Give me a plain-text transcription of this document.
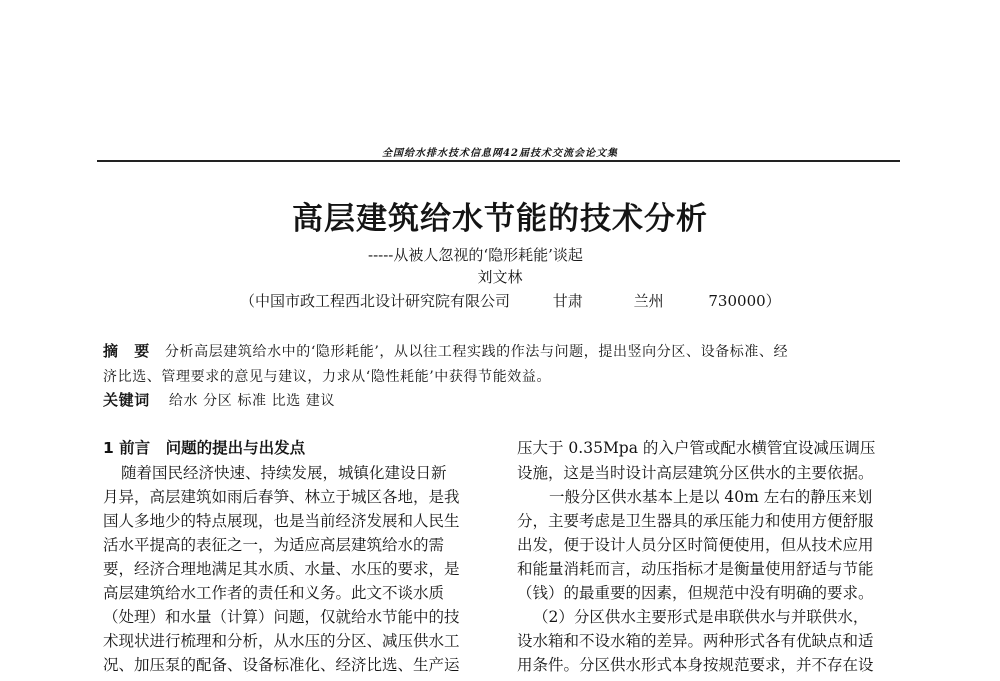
全国给水排水技术信息网42届技术交流会论文集
高层建筑给水节能的技术分析
-----从被人忽视的‘隐形耗能’谈起
刘文林
（中国市政工程西北设计研究院有限公司	甘肃	兰州	730000）
摘　要 分析高层建筑给水中的‘隐形耗能’，从以往工程实践的作法与问题，提出竖向分区、设备标准、经
济比选、管理要求的意见与建议，力求从‘隐性耗能’中获得节能效益。
关键词 给水 分区 标准 比选 建议
1 前言　问题的提出与出发点
随着国民经济快速、持续发展，城镇化建设日新
月异，高层建筑如雨后春笋、林立于城区各地，是我
国人多地少的特点展现，也是当前经济发展和人民生
活水平提高的表征之一，为适应高层建筑给水的需
要，经济合理地满足其水质、水量、水压的要求，是
高层建筑给水工作者的责任和义务。此文不谈水质
（处理）和水量（计算）问题，仅就给水节能中的技
术现状进行梳理和分析，从水压的分区、减压供水工
况、加压泵的配备、设备标准化、经济比选、生产运
压大于 0.35Mpa 的入户管或配水横管宜设减压调压
设施，这是当时设计高层建筑分区供水的主要依据。
一般分区供水基本上是以 40m 左右的静压来划
分，主要考虑是卫生器具的承压能力和使用方便舒服
出发，便于设计人员分区时简便使用，但从技术应用
和能量消耗而言，动压指标才是衡量使用舒适与节能
（钱）的最重要的因素，但规范中没有明确的要求。
（2）分区供水主要形式是串联供水与并联供水，
设水箱和不设水箱的差异。两种形式各有优缺点和适
用条件。分区供水形式本身按规范要求，并不存在设
